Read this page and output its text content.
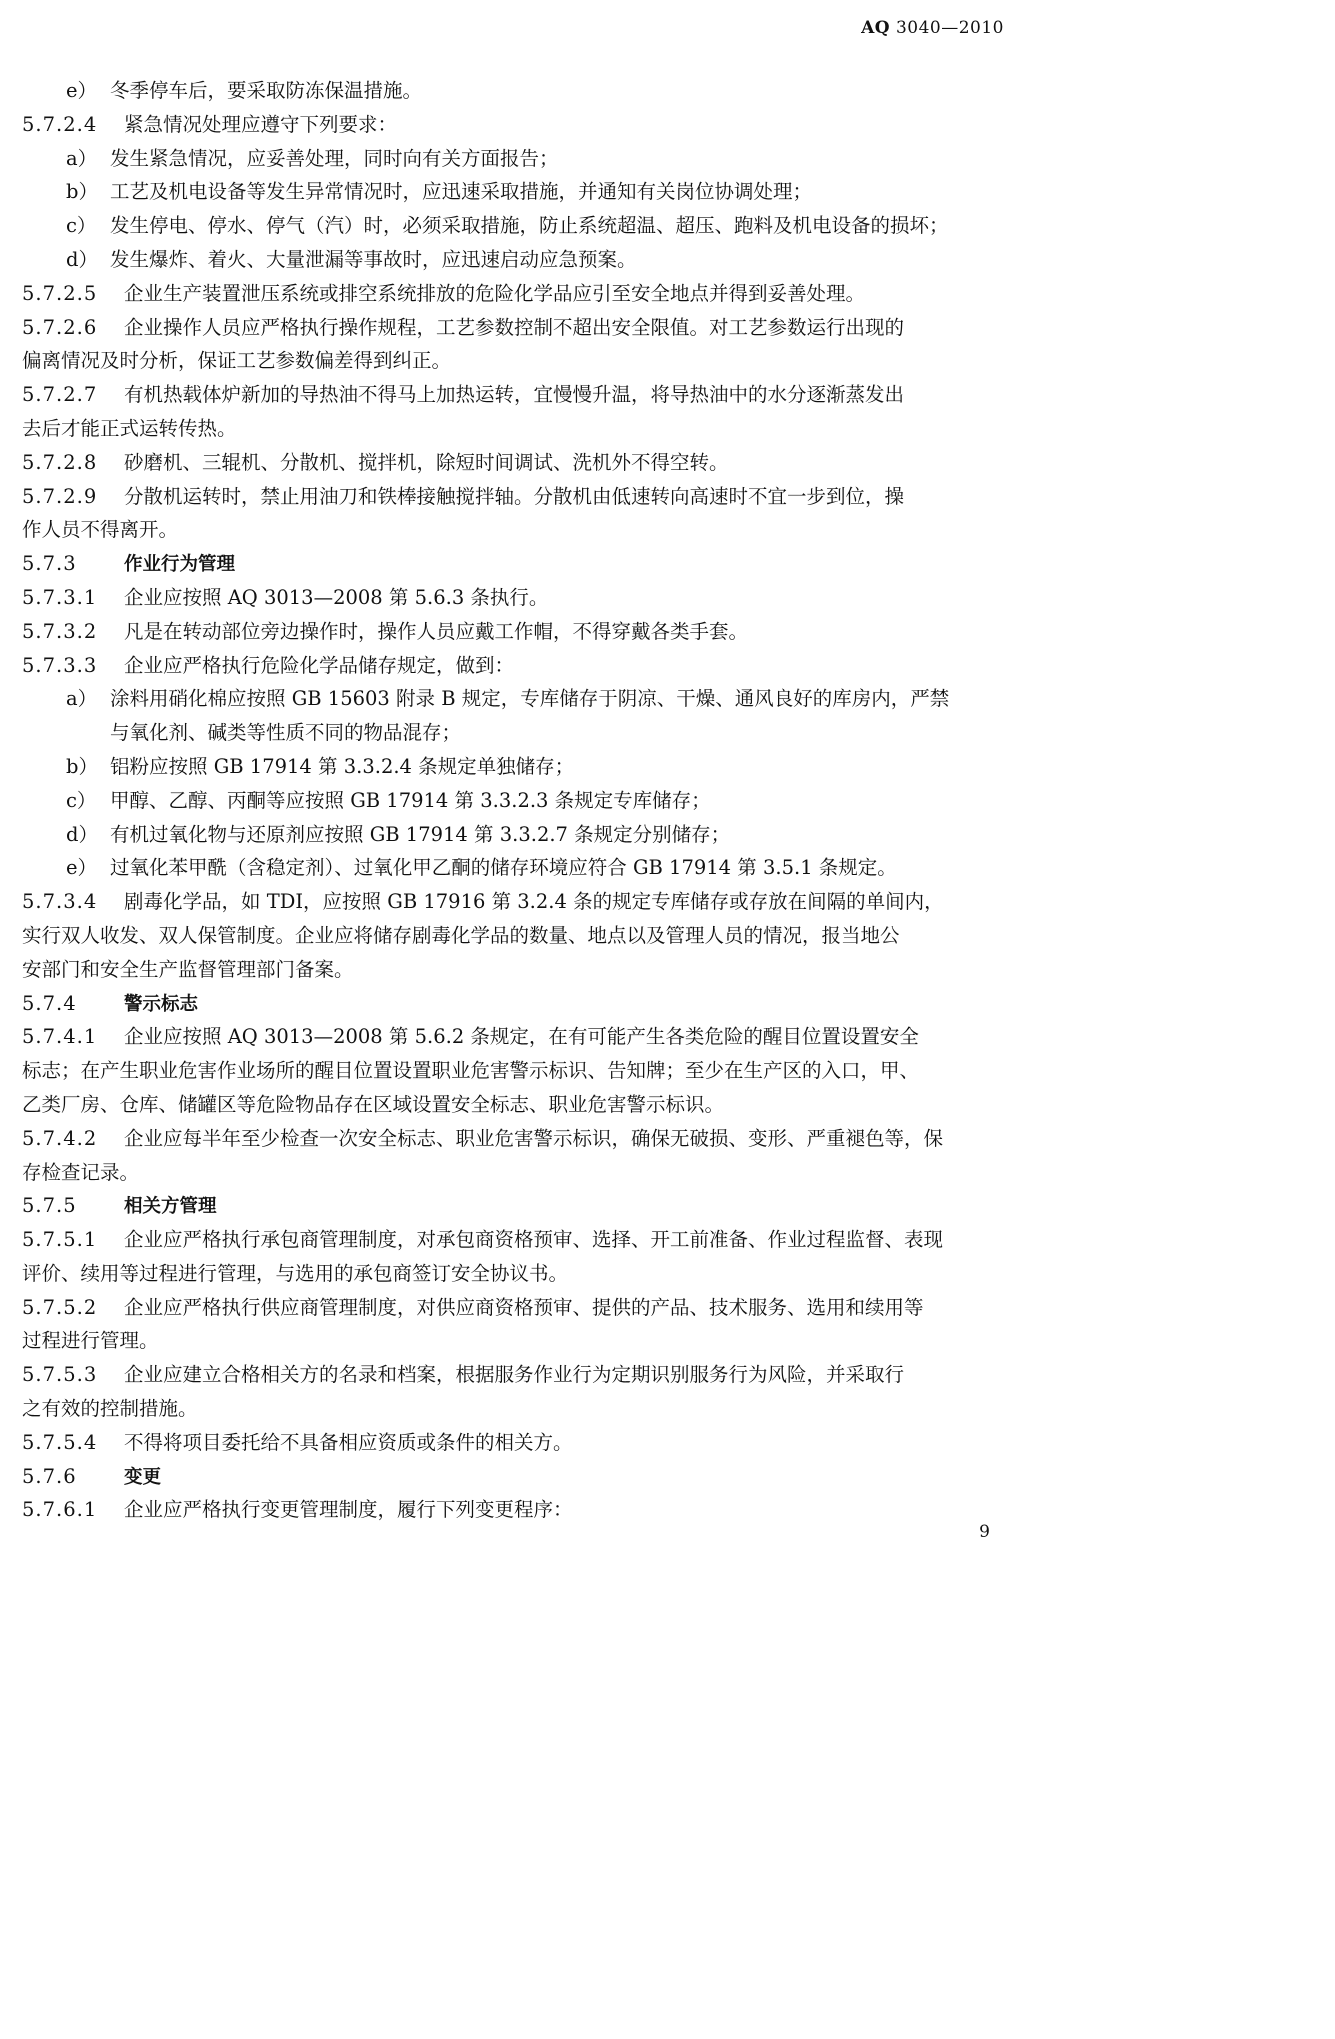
AQ 3040—2010
e） 冬季停车后，要采取防冻保温措施。
5.7.2.4 紧急情况处理应遵守下列要求：
a） 发生紧急情况，应妥善处理，同时向有关方面报告；
b） 工艺及机电设备等发生异常情况时，应迅速采取措施，并通知有关岗位协调处理；
c） 发生停电、停水、停气（汽）时，必须采取措施，防止系统超温、超压、跑料及机电设备的损坏；
d） 发生爆炸、着火、大量泄漏等事故时，应迅速启动应急预案。
5.7.2.5 企业生产装置泄压系统或排空系统排放的危险化学品应引至安全地点并得到妥善处理。
5.7.2.6 企业操作人员应严格执行操作规程，工艺参数控制不超出安全限值。对工艺参数运行出现的
偏离情况及时分析，保证工艺参数偏差得到纠正。
5.7.2.7 有机热载体炉新加的导热油不得马上加热运转，宜慢慢升温，将导热油中的水分逐渐蒸发出
去后才能正式运转传热。
5.7.2.8 砂磨机、三辊机、分散机、搅拌机，除短时间调试、洗机外不得空转。
5.7.2.9 分散机运转时，禁止用油刀和铁棒接触搅拌轴。分散机由低速转向高速时不宜一步到位，操
作人员不得离开。
5.7.3	作业行为管理
5.7.3.1 企业应按照 AQ 3013—2008 第 5.6.3 条执行。
5.7.3.2 凡是在转动部位旁边操作时，操作人员应戴工作帽，不得穿戴各类手套。
5.7.3.3 企业应严格执行危险化学品储存规定，做到：
a） 涂料用硝化棉应按照 GB 15603 附录 B 规定，专库储存于阴凉、干燥、通风良好的库房内，严禁
与氧化剂、碱类等性质不同的物品混存；
b） 铝粉应按照 GB 17914 第 3.3.2.4 条规定单独储存；
c） 甲醇、乙醇、丙酮等应按照 GB 17914 第 3.3.2.3 条规定专库储存；
d） 有机过氧化物与还原剂应按照 GB 17914 第 3.3.2.7 条规定分别储存；
e） 过氧化苯甲酰（含稳定剂）、过氧化甲乙酮的储存环境应符合 GB 17914 第 3.5.1 条规定。
5.7.3.4 剧毒化学品，如 TDI，应按照 GB 17916 第 3.2.4 条的规定专库储存或存放在间隔的单间内，
实行双人收发、双人保管制度。企业应将储存剧毒化学品的数量、地点以及管理人员的情况，报当地公
安部门和安全生产监督管理部门备案。
5.7.4	警示标志
5.7.4.1 企业应按照 AQ 3013—2008 第 5.6.2 条规定，在有可能产生各类危险的醒目位置设置安全
标志；在产生职业危害作业场所的醒目位置设置职业危害警示标识、告知牌；至少在生产区的入口，甲、
乙类厂房、仓库、储罐区等危险物品存在区域设置安全标志、职业危害警示标识。
5.7.4.2 企业应每半年至少检查一次安全标志、职业危害警示标识，确保无破损、变形、严重褪色等，保
存检查记录。
5.7.5	相关方管理
5.7.5.1 企业应严格执行承包商管理制度，对承包商资格预审、选择、开工前准备、作业过程监督、表现
评价、续用等过程进行管理，与选用的承包商签订安全协议书。
5.7.5.2 企业应严格执行供应商管理制度，对供应商资格预审、提供的产品、技术服务、选用和续用等
过程进行管理。
5.7.5.3 企业应建立合格相关方的名录和档案，根据服务作业行为定期识别服务行为风险，并采取行
之有效的控制措施。
5.7.5.4 不得将项目委托给不具备相应资质或条件的相关方。
5.7.6	变更
5.7.6.1 企业应严格执行变更管理制度，履行下列变更程序：
9
